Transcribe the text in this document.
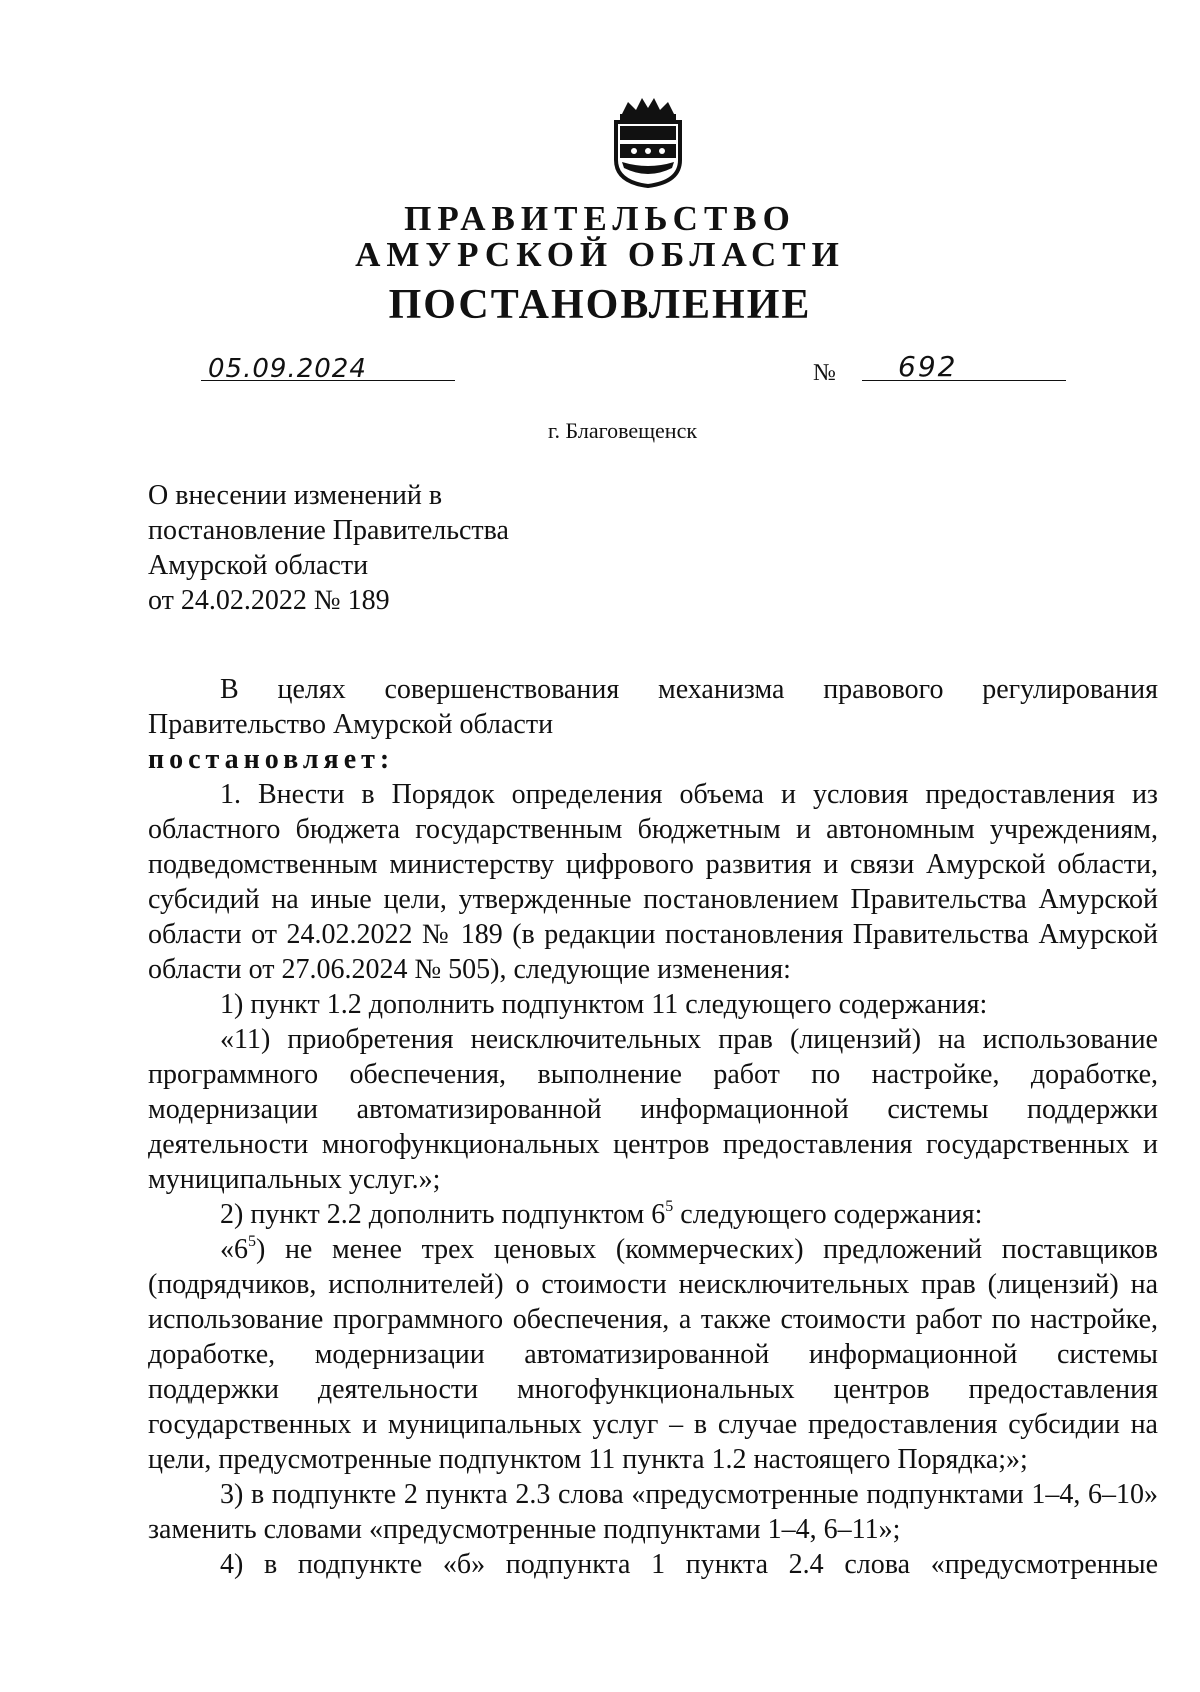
ПРАВИТЕЛЬСТВО
АМУРСКОЙ ОБЛАСТИ
ПОСТАНОВЛЕНИЕ
05.09.2024	№ 692
г. Благовещенск
О внесении изменений в
постановление Правительства
Амурской области
от 24.02.2022 № 189

В целях совершенствования механизма правового регулирования Правительство Амурской области

постановляет:

1. Внести в Порядок определения объема и условия предоставления из областного бюджета государственным бюджетным и автономным учреждениям, подведомственным министерству цифрового развития и связи Амурской области, субсидий на иные цели, утвержденные постановлением Правительства Амурской области от 24.02.2022 № 189 (в редакции постановления Правительства Амурской области от 27.06.2024 № 505), следующие изменения:

1) пункт 1.2 дополнить подпунктом 11 следующего содержания:

«11) приобретения неисключительных прав (лицензий) на использование программного обеспечения, выполнение работ по настройке, доработке, модернизации автоматизированной информационной системы поддержки деятельности многофункциональных центров предоставления государственных и муниципальных услуг.»;

2) пункт 2.2 дополнить подпунктом $6^5$ следующего содержания:

«$6^5$) не менее трех ценовых (коммерческих) предложений поставщиков (подрядчиков, исполнителей) о стоимости неисключительных прав (лицензий) на использование программного обеспечения, а также стоимости работ по настройке, доработке, модернизации автоматизированной информационной системы поддержки деятельности многофункциональных центров предоставления государственных и муниципальных услуг – в случае предоставления субсидии на цели, предусмотренные подпунктом 11 пункта 1.2 настоящего Порядка;»;

3) в подпункте 2 пункта 2.3 слова «предусмотренные подпунктами 1–4, 6–10» заменить словами «предусмотренные подпунктами 1–4, 6–11»;

4) в подпункте «б» подпункта 1 пункта 2.4 слова «предусмотренные
